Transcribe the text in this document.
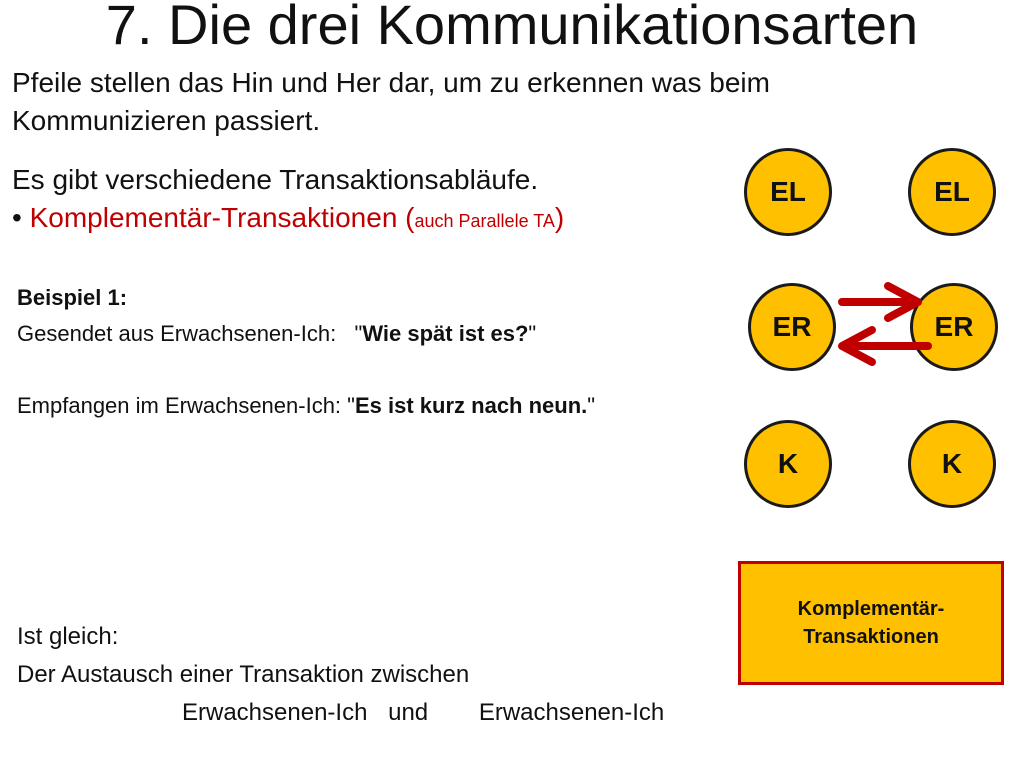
7. Die drei Kommunikationsarten
Pfeile stellen das Hin und Her dar, um zu erkennen was beim
Kommunizieren passiert.
Es gibt verschiedene Transaktionsabläufe.
• Komplementär-Transaktionen (auch Parallele TA)
Beispiel 1:
Gesendet aus Erwachsenen-Ich:   "Wie spät ist es?"
Empfangen im Erwachsenen-Ich: "Es ist kurz nach neun."
Ist gleich:
Der Austausch einer Transaktion zwischen
Erwachsenen-Ich und Erwachsenen-Ich
EL	EL
ER	ER
K	K
Komplementär-
Transaktionen
